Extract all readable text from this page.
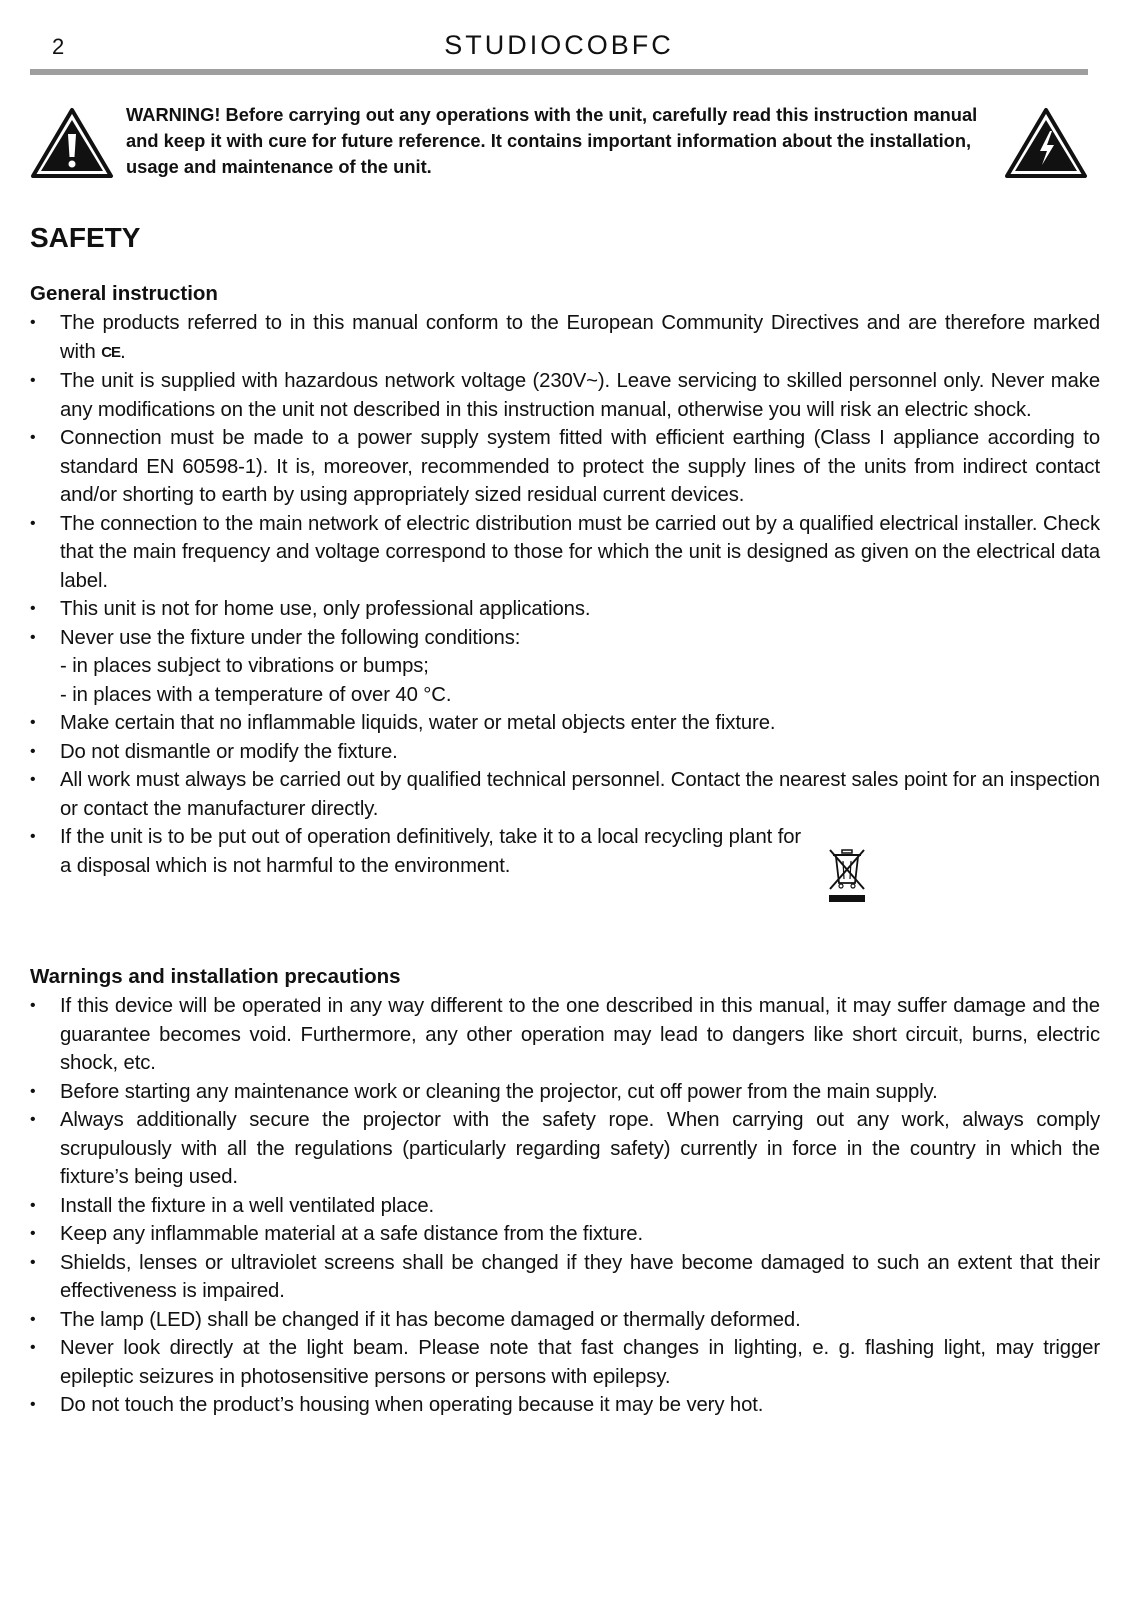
2	STUDIOCOBFC
WARNING! Before carrying out any operations with the unit, carefully read this instruction manual and keep it with cure for future reference. It contains important information about the installation, usage and maintenance of the unit.
SAFETY
General instruction
• The products referred to in this manual conform to the European Community Directives and are therefore marked with CE.
• The unit is supplied with hazardous network voltage (230V~). Leave servicing to skilled personnel only. Never make any modifications on the unit not described in this instruction manual, otherwise you will risk an electric shock.
• Connection must be made to a power supply system fitted with efficient earthing (Class I appliance according to standard EN 60598-1). It is, moreover, recommended to protect the supply lines of the units from indirect contact and/or shorting to earth by using appropriately sized residual current devices.
• The connection to the main network of electric distribution must be carried out by a qualified electrical installer. Check that the main frequency and voltage correspond to those for which the unit is designed as given on the electrical data label.
• This unit is not for home use, only professional applications.
• Never use the fixture under the following conditions:
- in places subject to vibrations or bumps;
- in places with a temperature of over 40 °C.
• Make certain that no inflammable liquids, water or metal objects enter the fixture.
• Do not dismantle or modify the fixture.
• All work must always be carried out by qualified technical personnel. Contact the nearest sales point for an inspection or contact the manufacturer directly.
• If the unit is to be put out of operation definitively, take it to a local recycling plant for a disposal which is not harmful to the environment.
Warnings and installation precautions
• If this device will be operated in any way different to the one described in this manual, it may suffer damage and the guarantee becomes void. Furthermore, any other operation may lead to dangers like short circuit, burns, electric shock, etc.
• Before starting any maintenance work or cleaning the projector, cut off power from the main supply.
• Always additionally secure the projector with the safety rope. When carrying out any work, always comply scrupulously with all the regulations (particularly regarding safety) currently in force in the country in which the fixture’s being used.
• Install the fixture in a well ventilated place.
• Keep any inflammable material at a safe distance from the fixture.
• Shields, lenses or ultraviolet screens shall be changed if they have become damaged to such an extent that their effectiveness is impaired.
• The lamp (LED) shall be changed if it has become damaged or thermally deformed.
• Never look directly at the light beam. Please note that fast changes in lighting, e. g. flashing light, may trigger epileptic seizures in photosensitive persons or persons with epilepsy.
• Do not touch the product’s housing when operating because it may be very hot.
